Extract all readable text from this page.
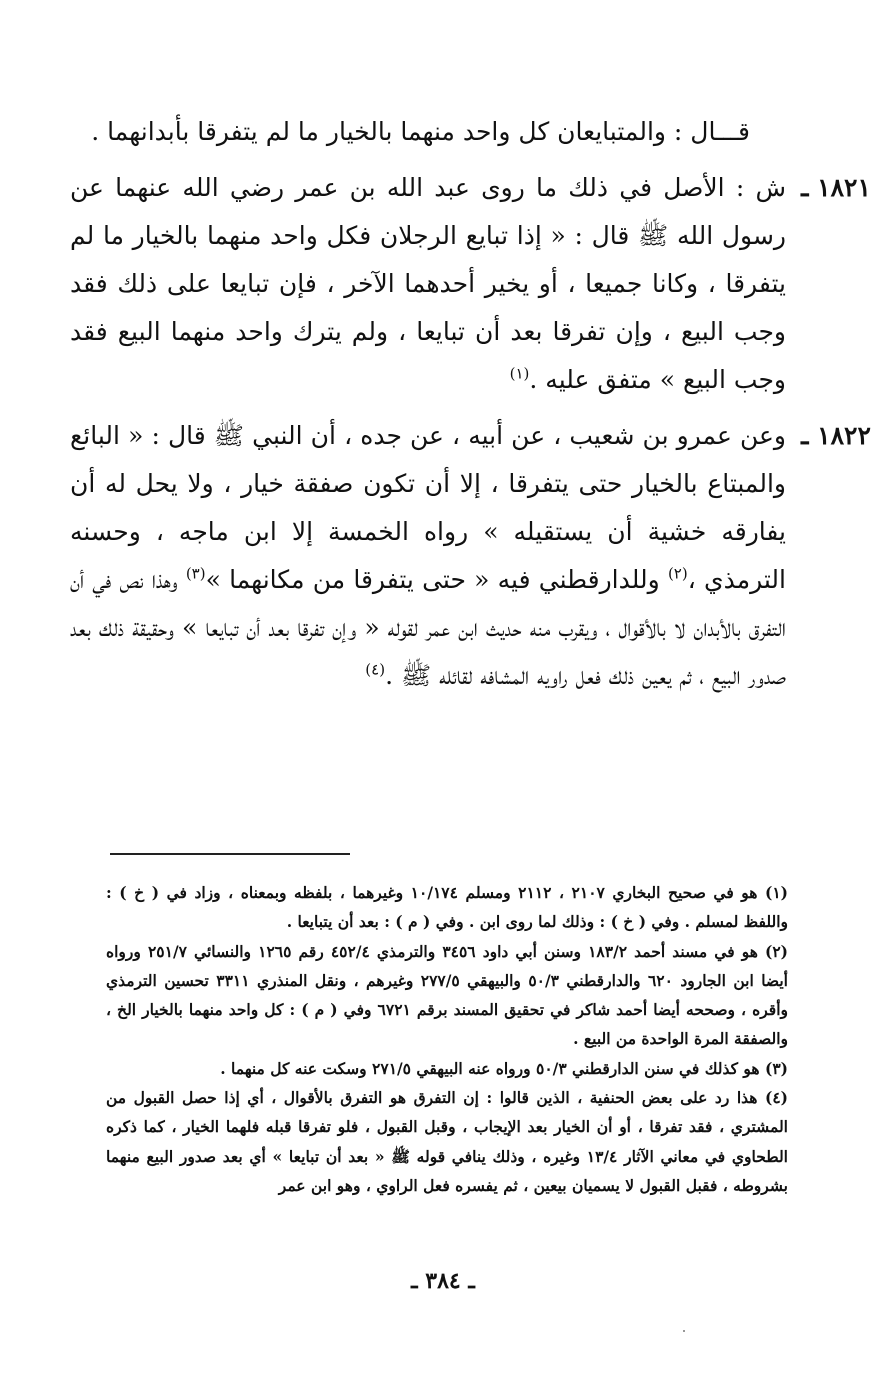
قـــال : والمتبايعان كل واحد منهما بالخيار ما لم يتفرقا بأبدانهما .

١٨٢١ ـ

ش : الأصل في ذلك ما روى عبد الله بن عمر رضي الله عنهما عن رسول الله ﷺ قال : « إذا تبايع الرجلان فكل واحد منهما بالخيار ما لم يتفرقا ، وكانا جميعا ، أو يخير أحدهما الآخر ، فإن تبايعا على ذلك فقد وجب البيع ، وإن تفرقا بعد أن تبايعا ، ولم يترك واحد منهما البيع فقد وجب البيع » متفق عليه .$^{(١)}$

١٨٢٢ ـ

وعن عمرو بن شعيب ، عن أبيه ، عن جده ، أن النبي ﷺ قال : « البائع والمبتاع بالخيار حتى يتفرقا ، إلا أن تكون صفقة خيار ، ولا يحل له أن يفارقه خشية أن يستقيله » رواه الخمسة إلا ابن ماجه ، وحسنه الترمذي ،$^{(٢)}$ وللدارقطني فيه « حتى يتفرقا من مكانهما »$^{(٣)}$ وهذا نص في أن التفرق بالأبدان لا بالأقوال ، ويقرب منه حديث ابن عمر لقوله « وإن تفرقا بعد أن تبايعا » وحقيقة ذلك بعد صدور البيع ، ثم يعين ذلك فعل راويه المشافه لقائله ﷺ .$^{(٤)}$

(١) هو في صحيح البخاري ٢١٠٧ ، ٢١١٢ ومسلم ١٠/١٧٤ وغيرهما ، بلفظه وبمعناه ، وزاد في ( خ ) : واللفظ لمسلم . وفي ( خ ) : وذلك لما روى ابن . وفي ( م ) : بعد أن يتبايعا .

(٢) هو في مسند أحمد ١٨٣/٢ وسنن أبي داود ٣٤٥٦ والترمذي ٤٥٢/٤ رقم ١٢٦٥ والنسائي ٢٥١/٧ ورواه أيضا ابن الجارود ٦٢٠ والدارقطني ٥٠/٣ والبيهقي ٢٧٧/٥ وغيرهم ، ونقل المنذري ٣٣١١ تحسين الترمذي وأقره ، وصححه أيضا أحمد شاكر في تحقيق المسند برقم ٦٧٢١ وفي ( م ) : كل واحد منهما بالخيار الخ ، والصفقة المرة الواحدة من البيع .

(٣) هو كذلك في سنن الدارقطني ٥٠/٣ ورواه عنه البيهقي ٢٧١/٥ وسكت عنه كل منهما .

(٤) هذا رد على بعض الحنفية ، الذين قالوا : إن التفرق هو التفرق بالأقوال ، أي إذا حصل القبول من المشتري ، فقد تفرقا ، أو أن الخيار بعد الإيجاب ، وقبل القبول ، فلو تفرقا قبله فلهما الخيار ، كما ذكره الطحاوي في معاني الآثار ١٣/٤ وغيره ، وذلك ينافي قوله ﷺ « بعد أن تبايعا » أي بعد صدور البيع منهما بشروطه ، فقبل القبول لا يسميان بيعين ، ثم يفسره فعل الراوي ، وهو ابن عمر

ـ ٣٨٤ ـ
